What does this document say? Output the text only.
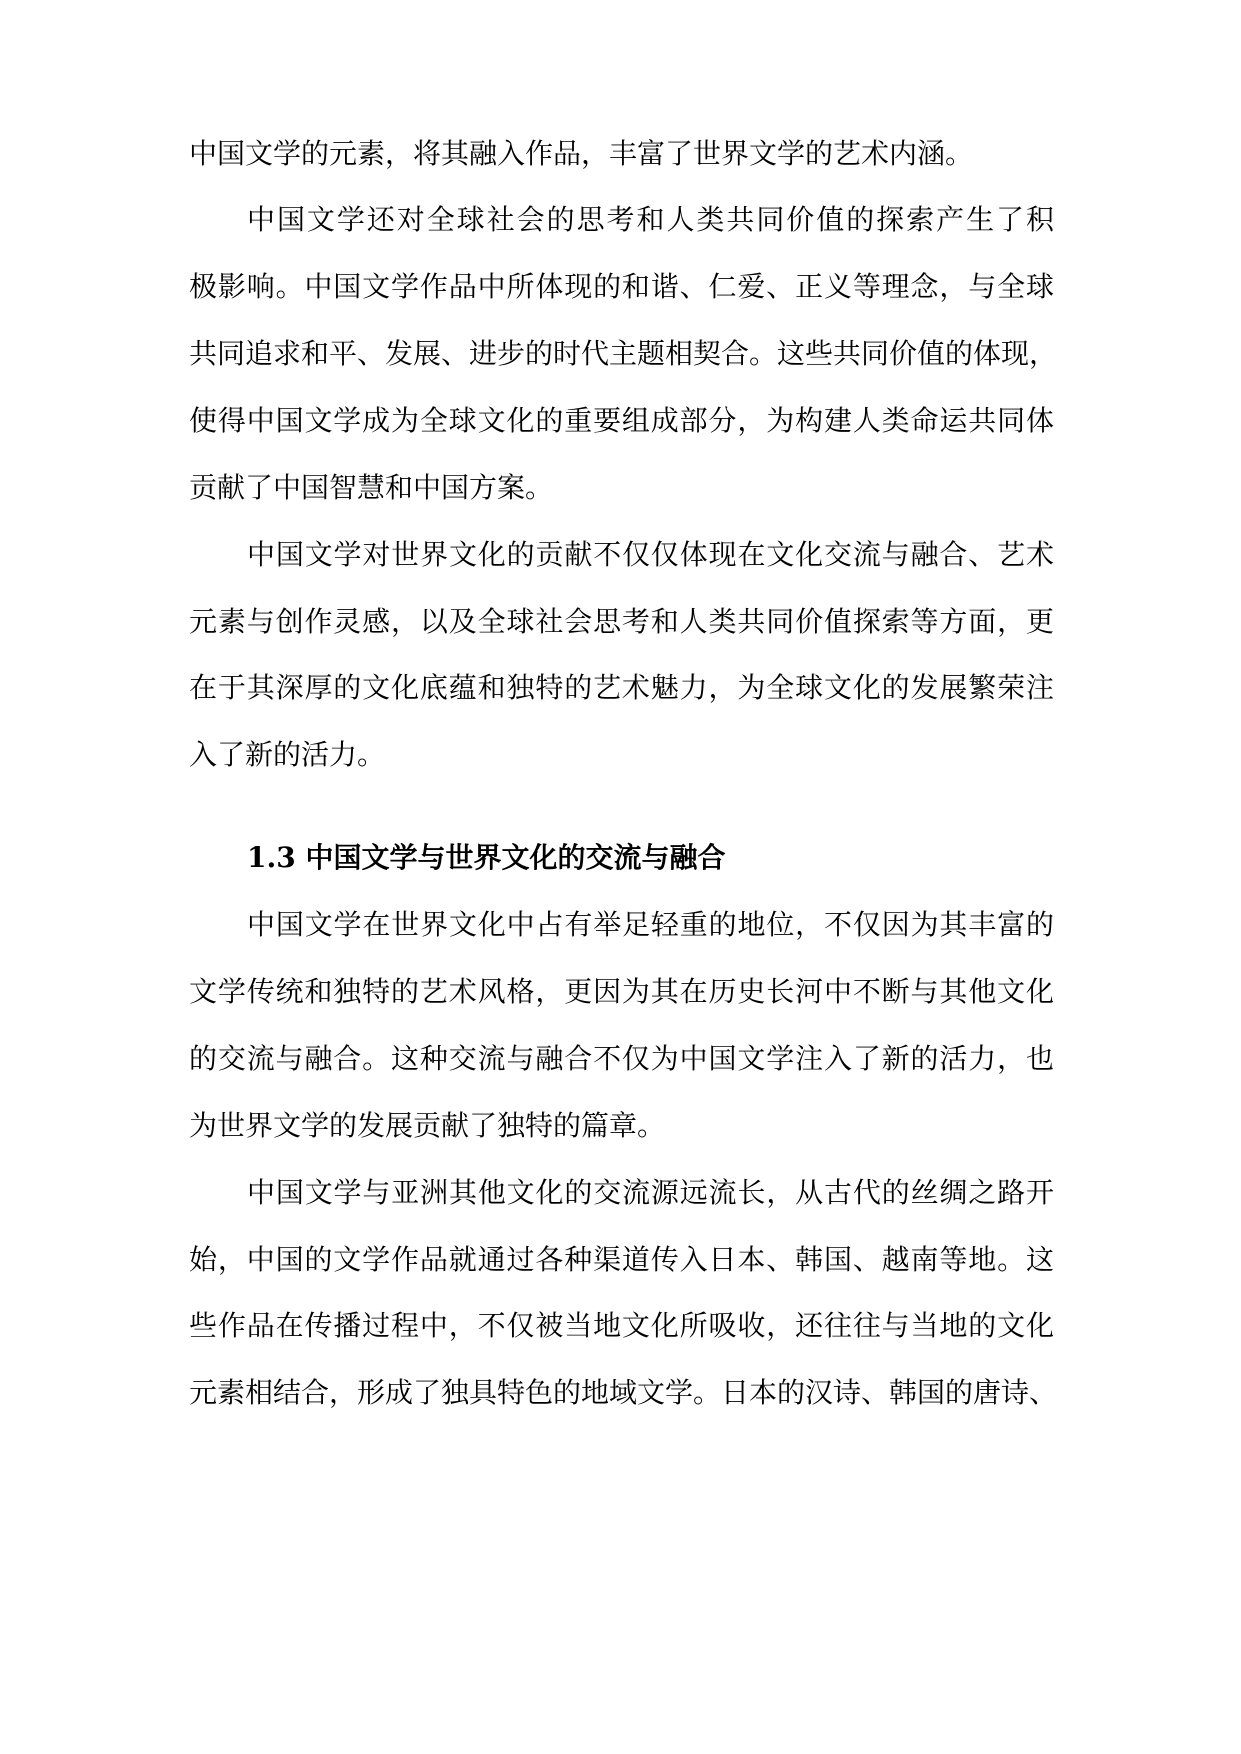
中国文学的元素，将其融入作品，丰富了世界文学的艺术内涵。
中国文学还对全球社会的思考和人类共同价值的探索产生了积
极影响。中国文学作品中所体现的和谐、仁爱、正义等理念，与全球
共同追求和平、发展、进步的时代主题相契合。这些共同价值的体现，
使得中国文学成为全球文化的重要组成部分，为构建人类命运共同体
贡献了中国智慧和中国方案。
中国文学对世界文化的贡献不仅仅体现在文化交流与融合、艺术
元素与创作灵感，以及全球社会思考和人类共同价值探索等方面，更
在于其深厚的文化底蕴和独特的艺术魅力，为全球文化的发展繁荣注
入了新的活力。
1.3 中国文学与世界文化的交流与融合
中国文学在世界文化中占有举足轻重的地位，不仅因为其丰富的
文学传统和独特的艺术风格，更因为其在历史长河中不断与其他文化
的交流与融合。这种交流与融合不仅为中国文学注入了新的活力，也
为世界文学的发展贡献了独特的篇章。
中国文学与亚洲其他文化的交流源远流长，从古代的丝绸之路开
始，中国的文学作品就通过各种渠道传入日本、韩国、越南等地。这
些作品在传播过程中，不仅被当地文化所吸收，还往往与当地的文化
元素相结合，形成了独具特色的地域文学。日本的汉诗、韩国的唐诗、
